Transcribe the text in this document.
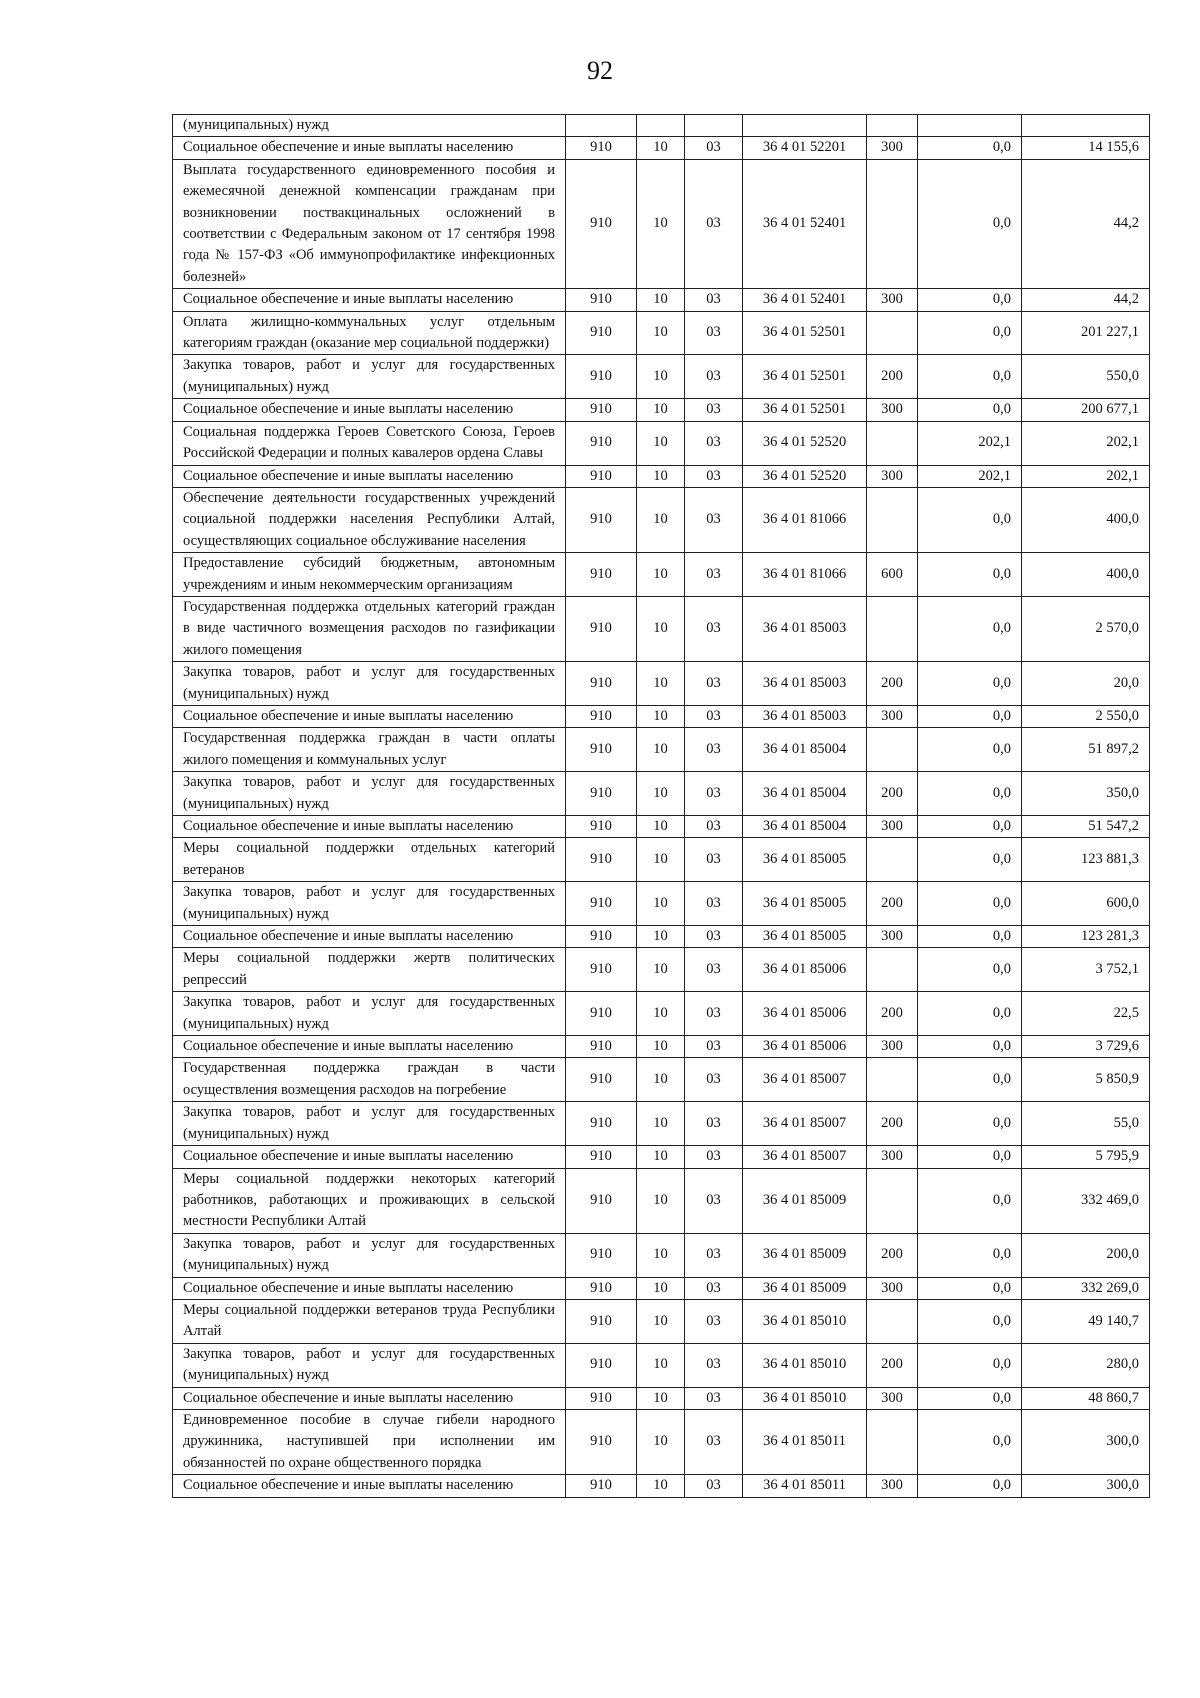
92
(муниципальных) нужд							
Социальное обеспечение и иные выплаты населению	910	10	03	36 4 01 52201	300	0,0	14 155,6
Выплата государственного единовременного пособия и ежемесячной денежной компенсации гражданам при возникновении поствакцинальных осложнений в соответствии с Федеральным законом от 17 сентября 1998 года № 157-ФЗ «Об иммунопрофилактике инфекционных болезней»	910	10	03	36 4 01 52401		0,0	44,2
Социальное обеспечение и иные выплаты населению	910	10	03	36 4 01 52401	300	0,0	44,2
Оплата жилищно-коммунальных услуг отдельным категориям граждан (оказание мер социальной поддержки)	910	10	03	36 4 01 52501		0,0	201 227,1
Закупка товаров, работ и услуг для государственных (муниципальных) нужд	910	10	03	36 4 01 52501	200	0,0	550,0
Социальное обеспечение и иные выплаты населению	910	10	03	36 4 01 52501	300	0,0	200 677,1
Социальная поддержка Героев Советского Союза, Героев Российской Федерации и полных кавалеров ордена Славы	910	10	03	36 4 01 52520		202,1	202,1
Социальное обеспечение и иные выплаты населению	910	10	03	36 4 01 52520	300	202,1	202,1
Обеспечение деятельности государственных учреждений социальной поддержки населения Республики Алтай, осуществляющих социальное обслуживание населения	910	10	03	36 4 01 81066		0,0	400,0
Предоставление субсидий бюджетным, автономным учреждениям и иным некоммерческим организациям	910	10	03	36 4 01 81066	600	0,0	400,0
Государственная поддержка отдельных категорий граждан в виде частичного возмещения расходов по газификации жилого помещения	910	10	03	36 4 01 85003		0,0	2 570,0
Закупка товаров, работ и услуг для государственных (муниципальных) нужд	910	10	03	36 4 01 85003	200	0,0	20,0
Социальное обеспечение и иные выплаты населению	910	10	03	36 4 01 85003	300	0,0	2 550,0
Государственная поддержка граждан в части оплаты жилого помещения и коммунальных услуг	910	10	03	36 4 01 85004		0,0	51 897,2
Закупка товаров, работ и услуг для государственных (муниципальных) нужд	910	10	03	36 4 01 85004	200	0,0	350,0
Социальное обеспечение и иные выплаты населению	910	10	03	36 4 01 85004	300	0,0	51 547,2
Меры социальной поддержки отдельных категорий ветеранов	910	10	03	36 4 01 85005		0,0	123 881,3
Закупка товаров, работ и услуг для государственных (муниципальных) нужд	910	10	03	36 4 01 85005	200	0,0	600,0
Социальное обеспечение и иные выплаты населению	910	10	03	36 4 01 85005	300	0,0	123 281,3
Меры социальной поддержки жертв политических репрессий	910	10	03	36 4 01 85006		0,0	3 752,1
Закупка товаров, работ и услуг для государственных (муниципальных) нужд	910	10	03	36 4 01 85006	200	0,0	22,5
Социальное обеспечение и иные выплаты населению	910	10	03	36 4 01 85006	300	0,0	3 729,6
Государственная поддержка граждан в части осуществления возмещения расходов на погребение	910	10	03	36 4 01 85007		0,0	5 850,9
Закупка товаров, работ и услуг для государственных (муниципальных) нужд	910	10	03	36 4 01 85007	200	0,0	55,0
Социальное обеспечение и иные выплаты населению	910	10	03	36 4 01 85007	300	0,0	5 795,9
Меры социальной поддержки некоторых категорий работников, работающих и проживающих в сельской местности Республики Алтай	910	10	03	36 4 01 85009		0,0	332 469,0
Закупка товаров, работ и услуг для государственных (муниципальных) нужд	910	10	03	36 4 01 85009	200	0,0	200,0
Социальное обеспечение и иные выплаты населению	910	10	03	36 4 01 85009	300	0,0	332 269,0
Меры социальной поддержки ветеранов труда Республики Алтай	910	10	03	36 4 01 85010		0,0	49 140,7
Закупка товаров, работ и услуг для государственных (муниципальных) нужд	910	10	03	36 4 01 85010	200	0,0	280,0
Социальное обеспечение и иные выплаты населению	910	10	03	36 4 01 85010	300	0,0	48 860,7
Единовременное пособие в случае гибели народного дружинника, наступившей при исполнении им обязанностей по охране общественного порядка	910	10	03	36 4 01 85011		0,0	300,0
Социальное обеспечение и иные выплаты населению	910	10	03	36 4 01 85011	300	0,0	300,0
